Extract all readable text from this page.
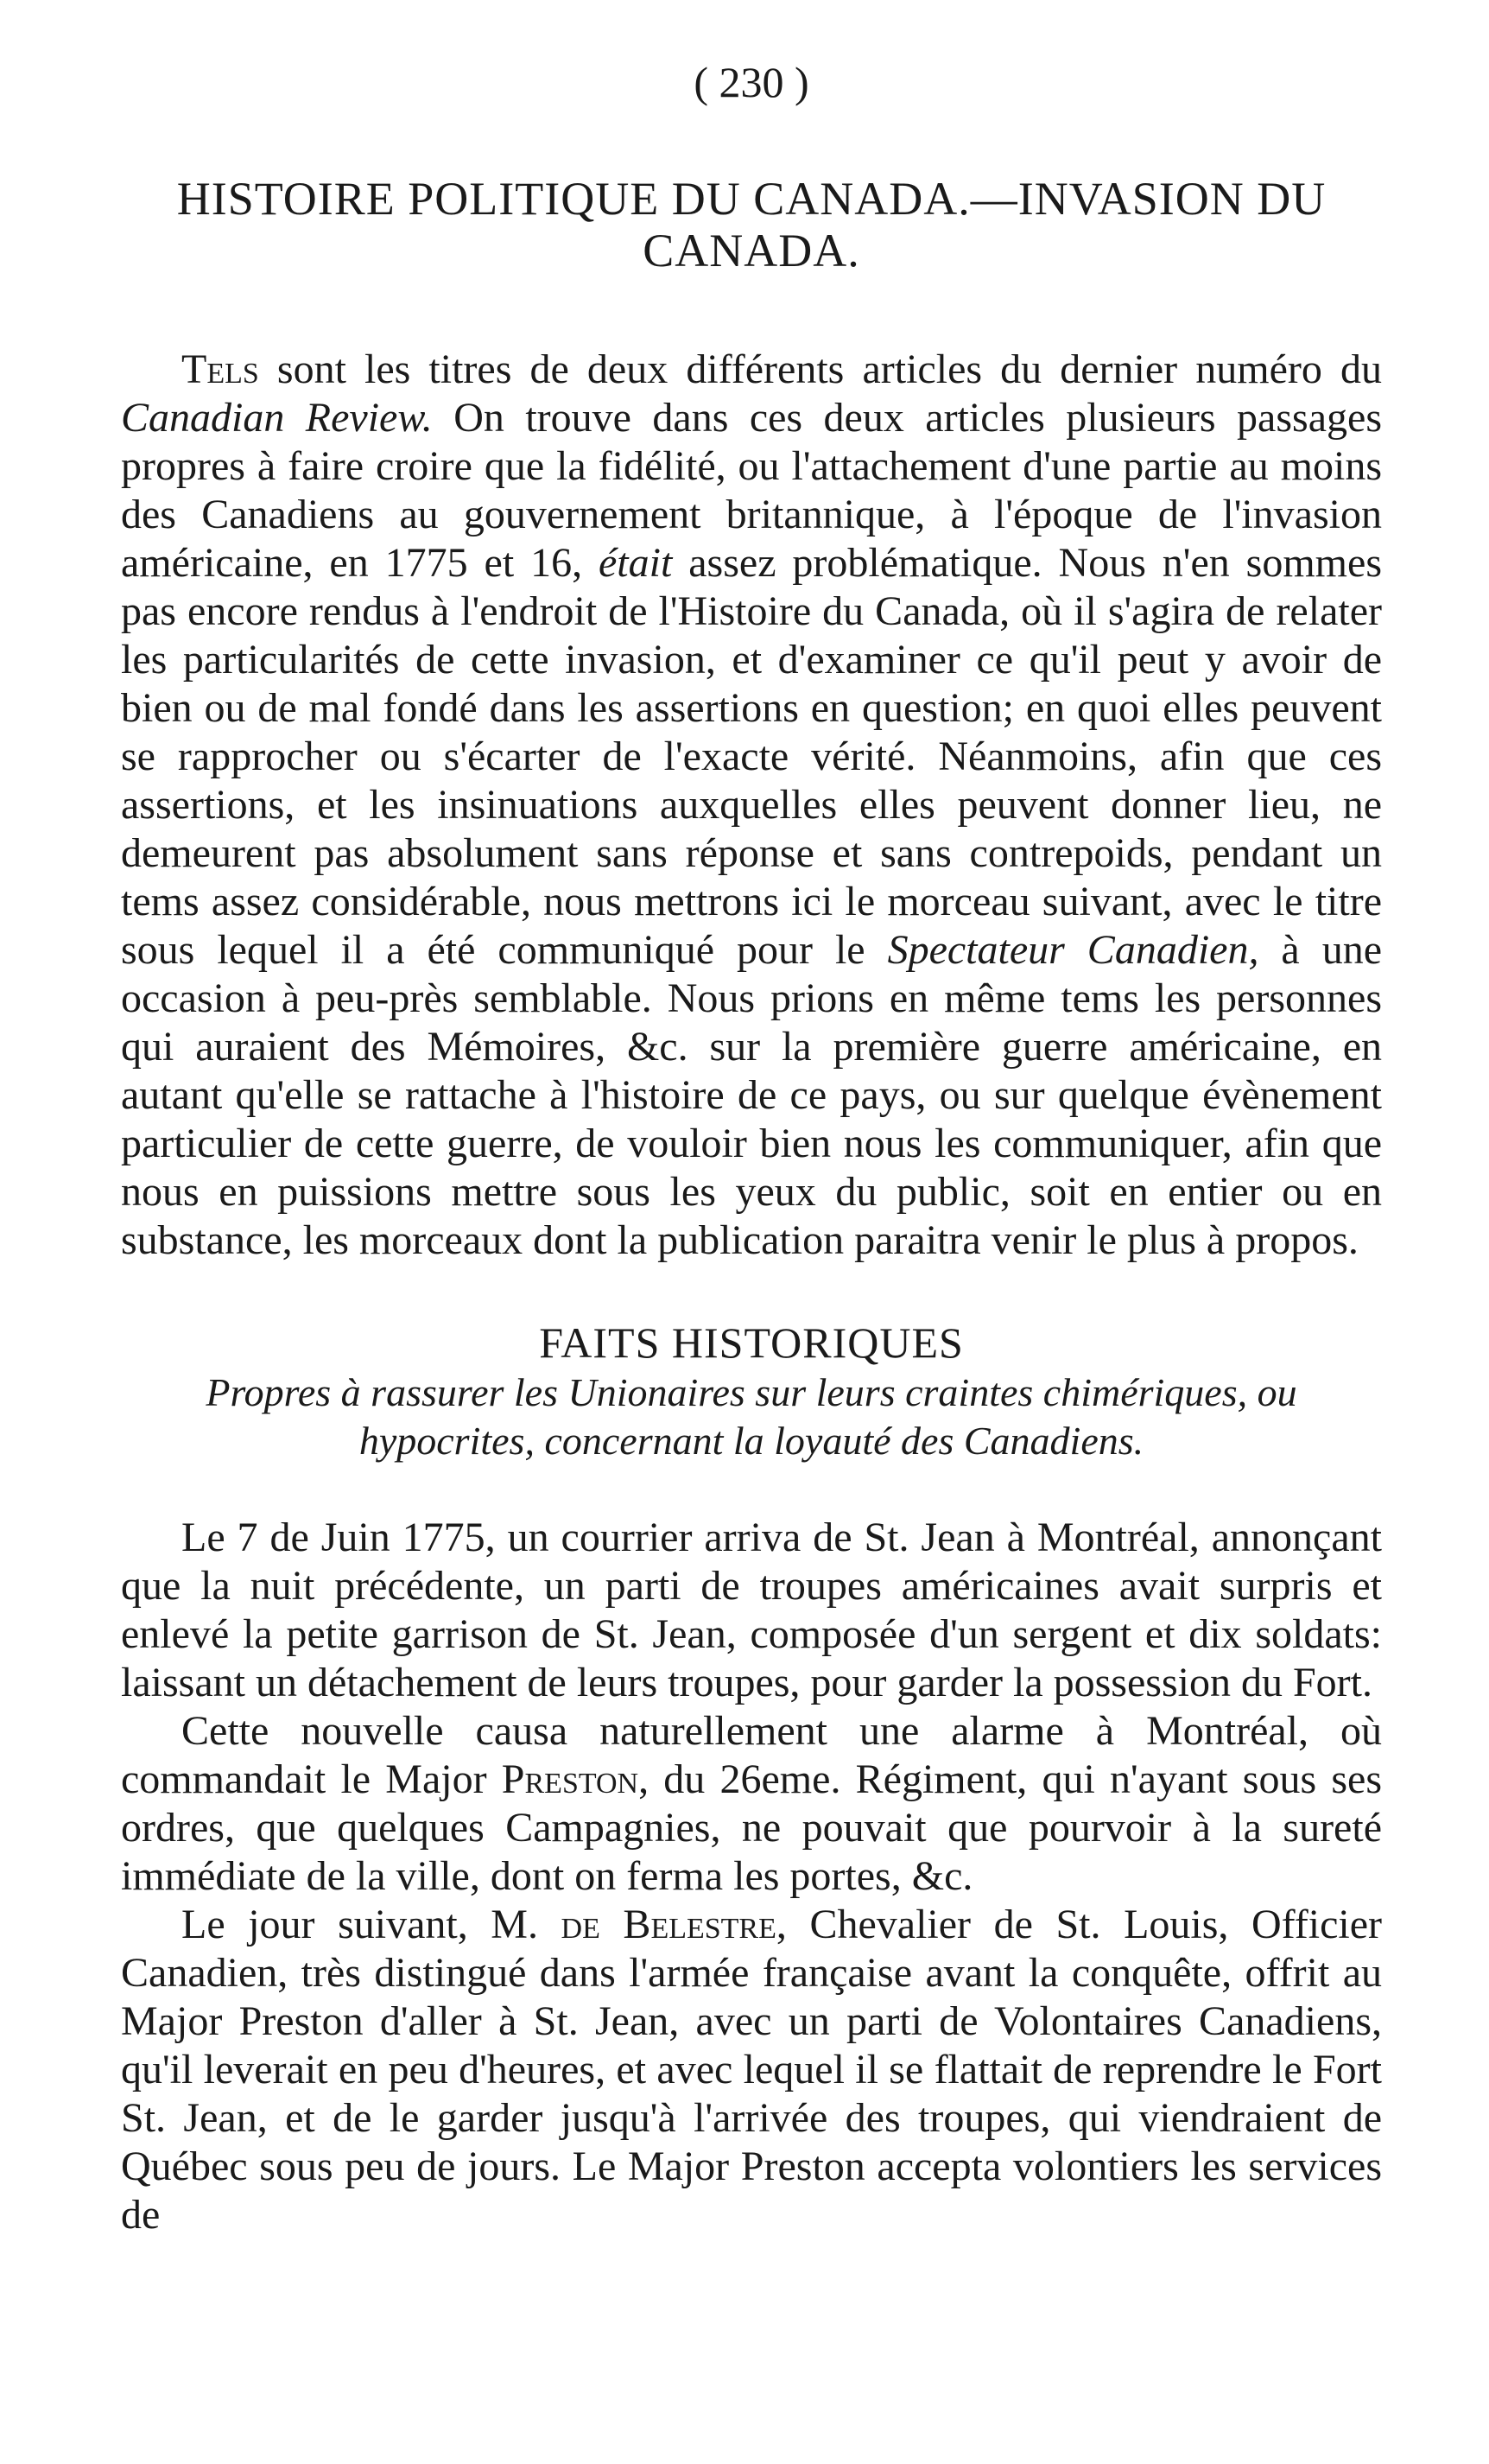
( 230 )
HISTOIRE POLITIQUE DU CANADA.—INVASION DU CANADA.

Tels sont les titres de deux différents articles du dernier numéro du Canadian Review. On trouve dans ces deux articles plusieurs passages propres à faire croire que la fidélité, ou l'attachement d'une partie au moins des Canadiens au gouvernement britannique, à l'époque de l'invasion américaine, en 1775 et 16, était assez problématique. Nous n'en sommes pas encore rendus à l'endroit de l'Histoire du Canada, où il s'agira de relater les particularités de cette invasion, et d'examiner ce qu'il peut y avoir de bien ou de mal fondé dans les assertions en question; en quoi elles peuvent se rapprocher ou s'écarter de l'exacte vérité. Néanmoins, afin que ces assertions, et les insinuations auxquelles elles peuvent donner lieu, ne demeurent pas absolument sans réponse et sans contrepoids, pendant un tems assez considérable, nous mettrons ici le morceau suivant, avec le titre sous lequel il a été communiqué pour le Spectateur Canadien, à une occasion à peu-près semblable. Nous prions en même tems les personnes qui auraient des Mémoires, &c. sur la première guerre américaine, en autant qu'elle se rattache à l'histoire de ce pays, ou sur quelque évènement particulier de cette guerre, de vouloir bien nous les communiquer, afin que nous en puissions mettre sous les yeux du public, soit en entier ou en substance, les morceaux dont la publication paraitra venir le plus à propos.

FAITS HISTORIQUES

Propres à rassurer les Unionaires sur leurs craintes chimériques, ou hypocrites, concernant la loyauté des Canadiens.

Le 7 de Juin 1775, un courrier arriva de St. Jean à Montréal, annonçant que la nuit précédente, un parti de troupes américaines avait surpris et enlevé la petite garrison de St. Jean, composée d'un sergent et dix soldats: laissant un détachement de leurs troupes, pour garder la possession du Fort.

Cette nouvelle causa naturellement une alarme à Montréal, où commandait le Major Preston, du 26eme. Régiment, qui n'ayant sous ses ordres, que quelques Campagnies, ne pouvait que pourvoir à la sureté immédiate de la ville, dont on ferma les portes, &c.

Le jour suivant, M. de Belestre, Chevalier de St. Louis, Officier Canadien, très distingué dans l'armée française avant la conquête, offrit au Major Preston d'aller à St. Jean, avec un parti de Volontaires Canadiens, qu'il leverait en peu d'heures, et avec lequel il se flattait de reprendre le Fort St. Jean, et de le garder jusqu'à l'arrivée des troupes, qui viendraient de Québec sous peu de jours. Le Major Preston accepta volontiers les services de
